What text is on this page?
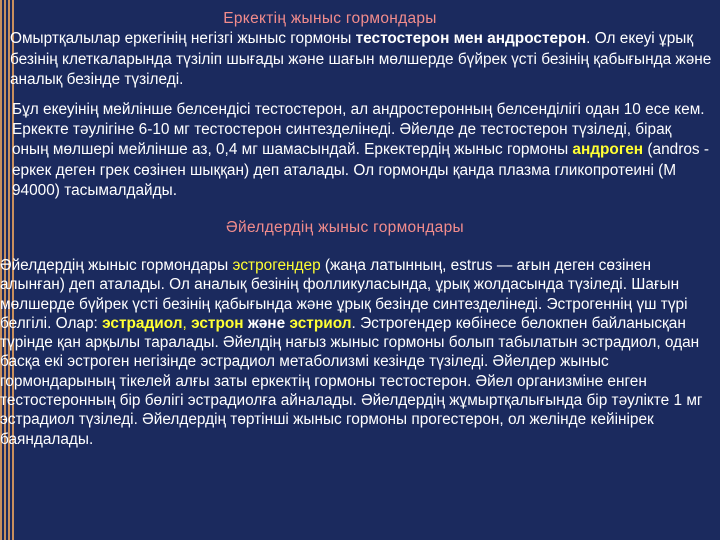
Еркектің жыныс гормондары

Омыртқалылар еркегінің негізгі жыныс гормоны тестостерон мен андростерон. Ол екеуі ұрық безінің клеткаларында түзіліп шығады және шағын мөлшерде бүйрек үсті безінің қабығында және аналық безінде түзіледі.

Бұл екеуінің мейлінше белсендісі тестостерон, ал андростеронның белсенділігі одан 10 есе кем. Еркекте тәулігіне 6-10 мг тестостерон синтезделінеді. Әйелде де тестостерон түзіледі, бірақ оның мөлшері мейлінше аз, 0,4 мг шамасындай. Еркектердің жыныс гормоны андроген (andros - еркек деген грек сөзінен шыққан) деп аталады. Ол гормонды қанда плазма гликопротеині (М 94000) тасымалдайды.

Әйелдердің жыныс гормондары

Әйелдердің жыныс гормондары эстрогендер (жаңа латынның, estrus — ағын деген сөзінен алынған) деп аталады. Ол аналық безінің фолликуласында, ұрық жолдасында түзіледі. Шағын мөлшерде бүйрек үсті безінің қабығында және ұрық безінде синтезделінеді. Эстрогеннің үш түрі белгілі. Олар: эстрадиол, эстрон және эстриол. Эстрогендер көбінесе белокпен байланысқан түрінде қан арқылы таралады. Әйелдің нағыз жыныс гормоны болып табылатын эстрадиол, одан басқа екі эстроген негізінде эстрадиол метаболизмі кезінде түзіледі. Әйелдер жыныс гормондарының тікелей алғы заты еркектің гормоны тестостерон. Әйел организміне енген тестостеронның бір бөлігі эстрадиолға айналады. Әйелдердің жұмыртқалығында бір тәулікте 1 мг эстрадиол түзіледі. Әйелдердің төртінші жыныс гормоны прогестерон, ол желінде кейінірек баяндалады.
